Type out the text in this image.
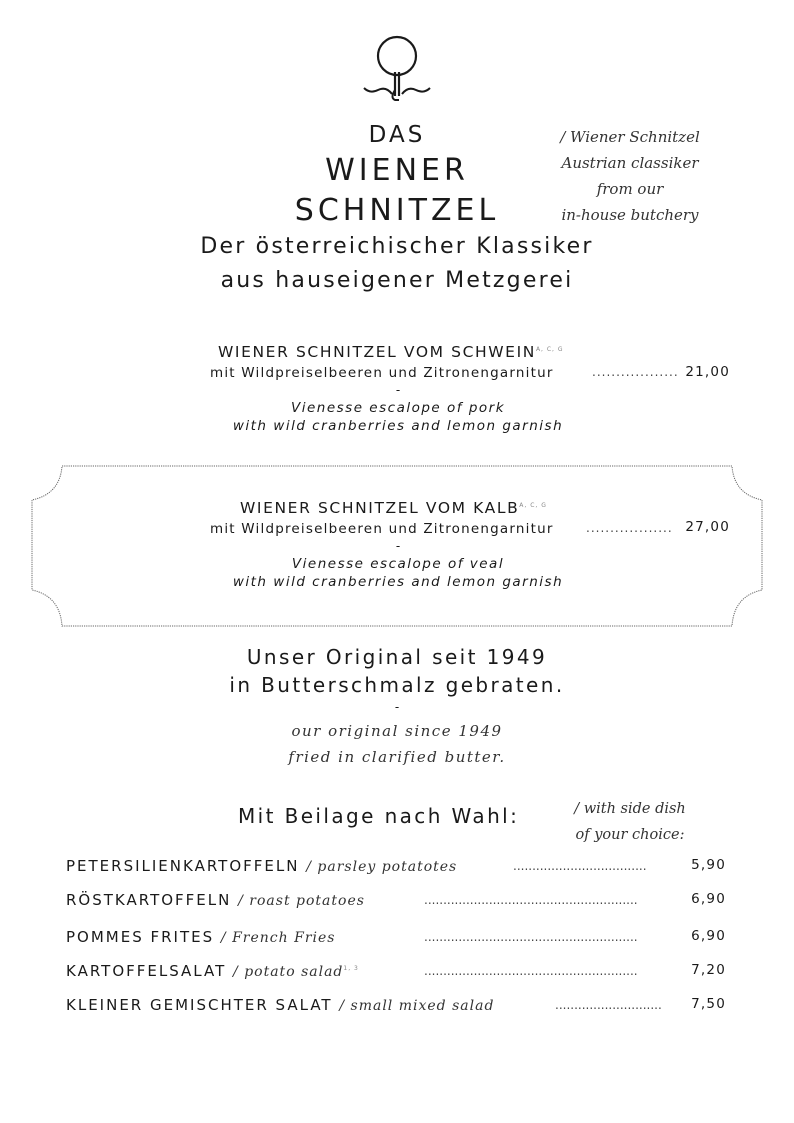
DAS
WIENER
SCHNITZEL
/ Wiener Schnitzel
Austrian classiker
from our
in-house butchery
Der österreichischer Klassiker
aus hauseigener Metzgerei
WIENER SCHNITZEL VOM $SCHWEIN^{A, C, G}$
mit Wildpreiselbeeren und Zitronengarnitur	.................. 21,00
-
Vienesse escalope of pork
with wild cranberries and lemon garnish
WIENER SCHNITZEL VOM $KALB^{A, C, G}$
mit Wildpreiselbeeren und Zitronengarnitur	.................. 27,00
-
Vienesse escalope of veal
with wild cranberries and lemon garnish
Unser Original seit 1949
in Butterschmalz gebraten.
-
our original since 1949
fried in clarified butter.
Mit Beilage nach Wahl:	/ with side dish
of your choice:
PETERSILIENKARTOFFELN / parsley potatotes	...................................	5,90
RÖSTKARTOFFELN / roast potatoes	........................................................	6,90
POMMES FRITES / French Fries	........................................................	6,90
KARTOFFELSALAT / potato salad$^{1, 3}$	........................................................	7,20
KLEINER GEMISCHTER SALAT / small mixed salad	............................ 7,50
